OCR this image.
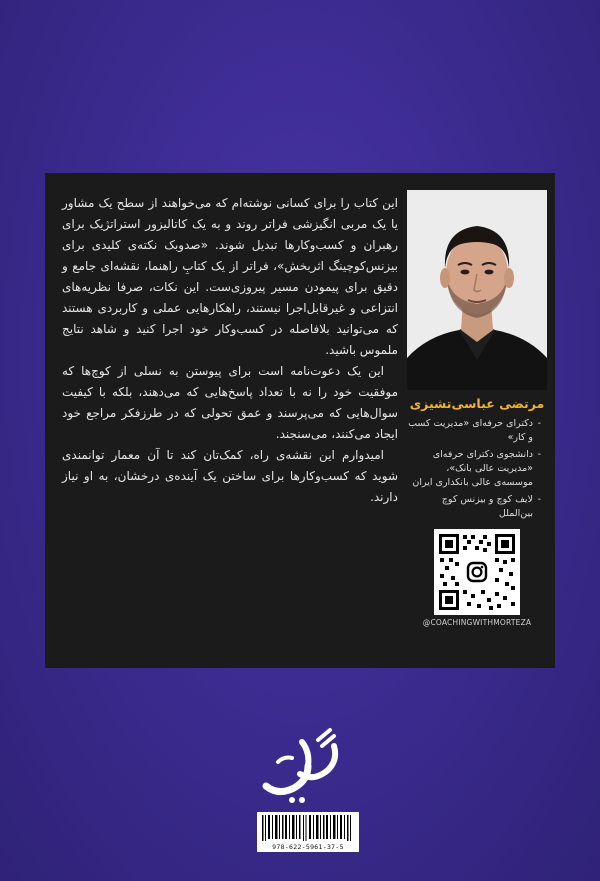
این کتاب را برای کسانی نوشته‌ام که می‌خواهند از سطح یک مشاور یا یک مربی انگیزشی فراتر روند و به یک کاتالیزور استراتژیک برای رهبران و کسب‌وکارها تبدیل شوند. «صدوبک نکته‌ی کلیدی برای بیزنس‌کوچینگ اثربخش»، فراتر از یک کتابِ راهنما، نقشه‌ای جامع و دقیق برای پیمودن مسیر پیروزی‌ست. این نکات، صرفا نظریه‌های انتزاعی و غیرقابل‌اجرا نیستند، راهکارهایی عملی و کاربردی هستند که می‌توانید بلافاصله در کسب‌وکار خود اجرا کنید و شاهد نتایج ملموس باشید.

این یک دعوت‌نامه است برای پیوستن به نسلی از کوچ‌ها که موفقیت خود را نه با تعداد پاسخ‌هایی که می‌دهند، بلکه با کیفیت سوال‌هایی که می‌پرسند و عمق تحولی که در طرزفکر مراجع خود ایجاد می‌کنند، می‌سنجند.

امیدوارم این نقشه‌ی راه، کمک‌تان کند تا آن معمار توانمندی شوید که کسب‌وکارها برای ساختن یک آینده‌ی درخشان، به او نیاز دارند.

مرتضی عباسی‌تشیزی
- دکترای حرفه‌ای «مدیریت کسب و کار»
- دانشجوی دکترای حرفه‌ای «مدیریت عالی بانک»، موسسه‌ی عالی بانکداری ایران
- لایف کوچ و بیزنس کوچ بین‌الملل
@COACHINGWITHMORTEZA
978-622-5961-37-5
